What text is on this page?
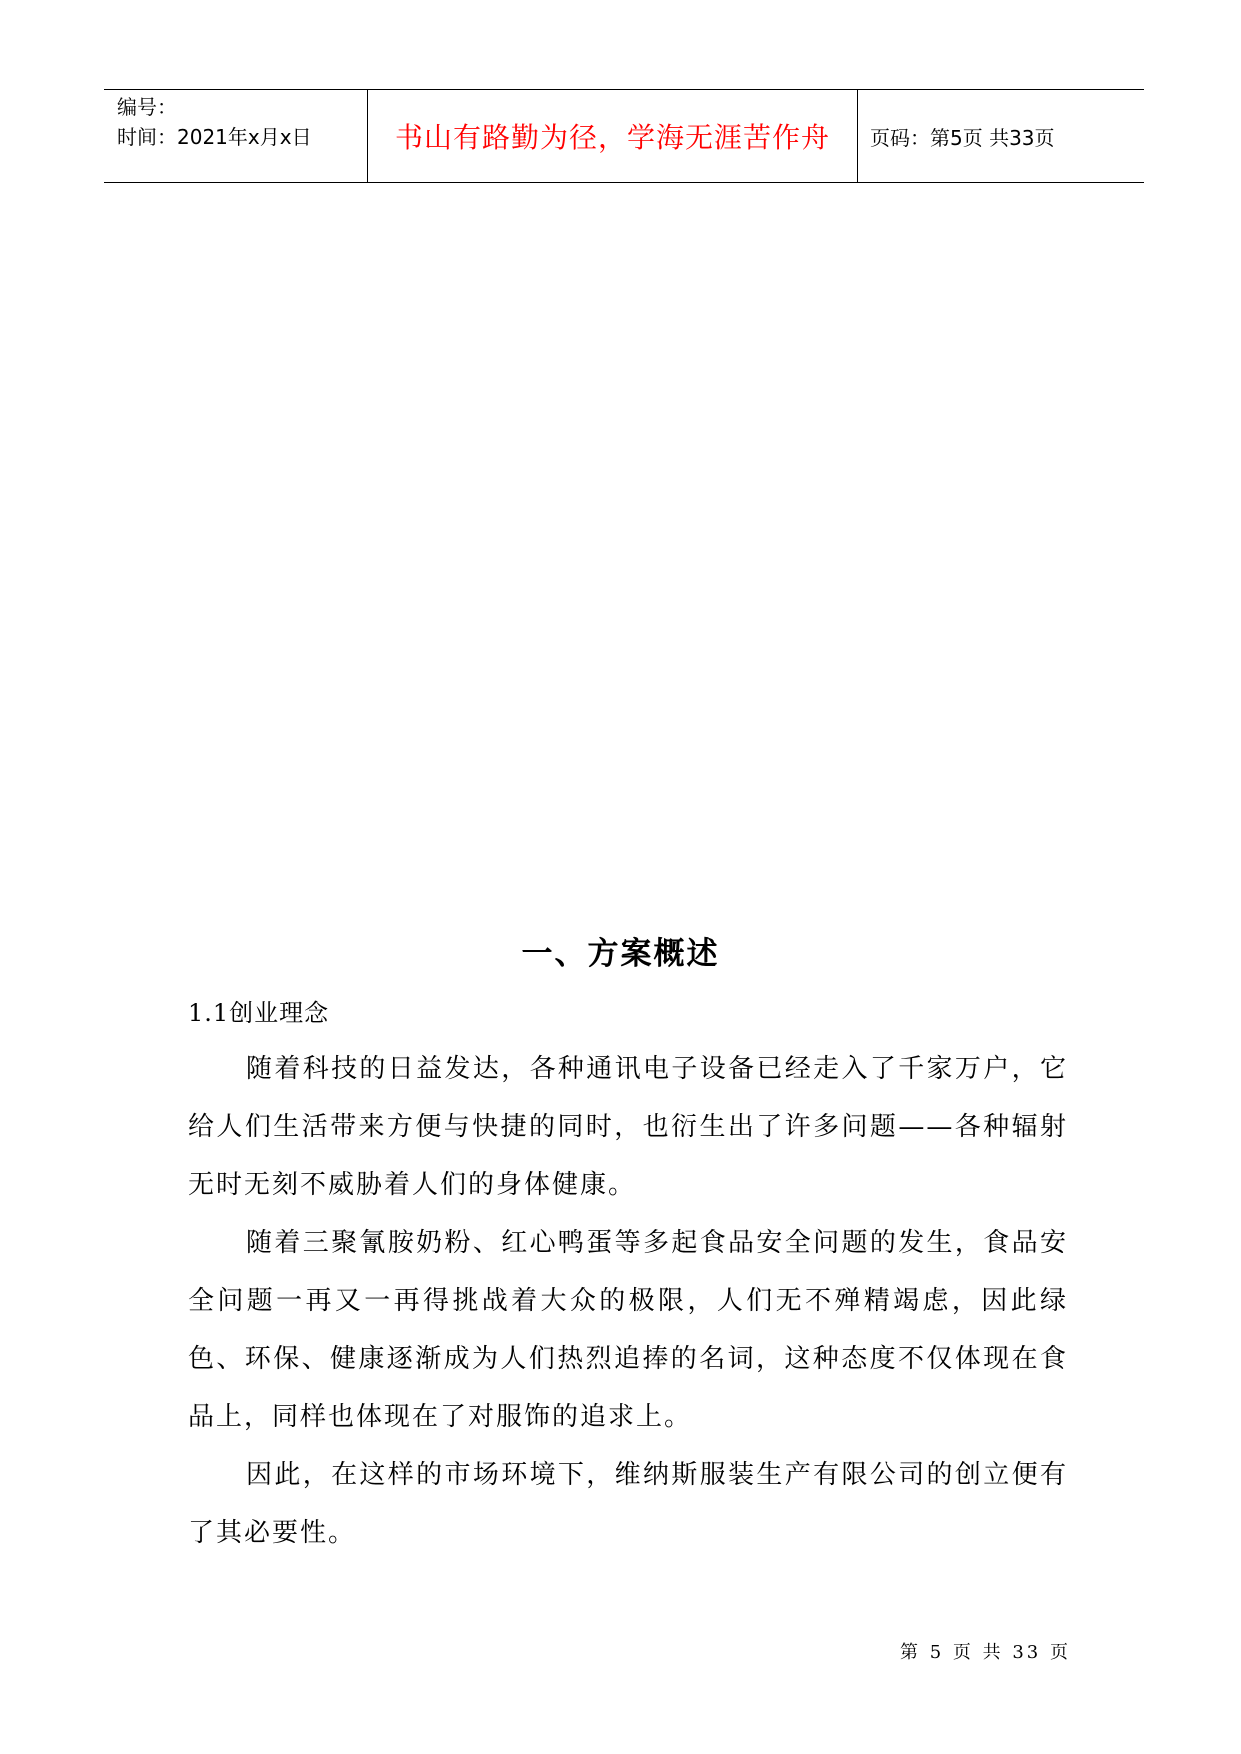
编号：
时间：2021年x月x日	书山有路勤为径，学海无涯苦作舟 页码：第5页 共33页
一、方案概述
1.1创业理念

随着科技的日益发达，各种通讯电子设备已经走入了千家万户，它给人们生活带来方便与快捷的同时，也衍生出了许多问题——各种辐射无时无刻不威胁着人们的身体健康。

随着三聚氰胺奶粉、红心鸭蛋等多起食品安全问题的发生，食品安全问题一再又一再得挑战着大众的极限，人们无不殚精竭虑，因此绿色、环保、健康逐渐成为人们热烈追捧的名词，这种态度不仅体现在食品上，同样也体现在了对服饰的追求上。

因此，在这样的市场环境下，维纳斯服装生产有限公司的创立便有了其必要性。

第 5 页 共 33 页
